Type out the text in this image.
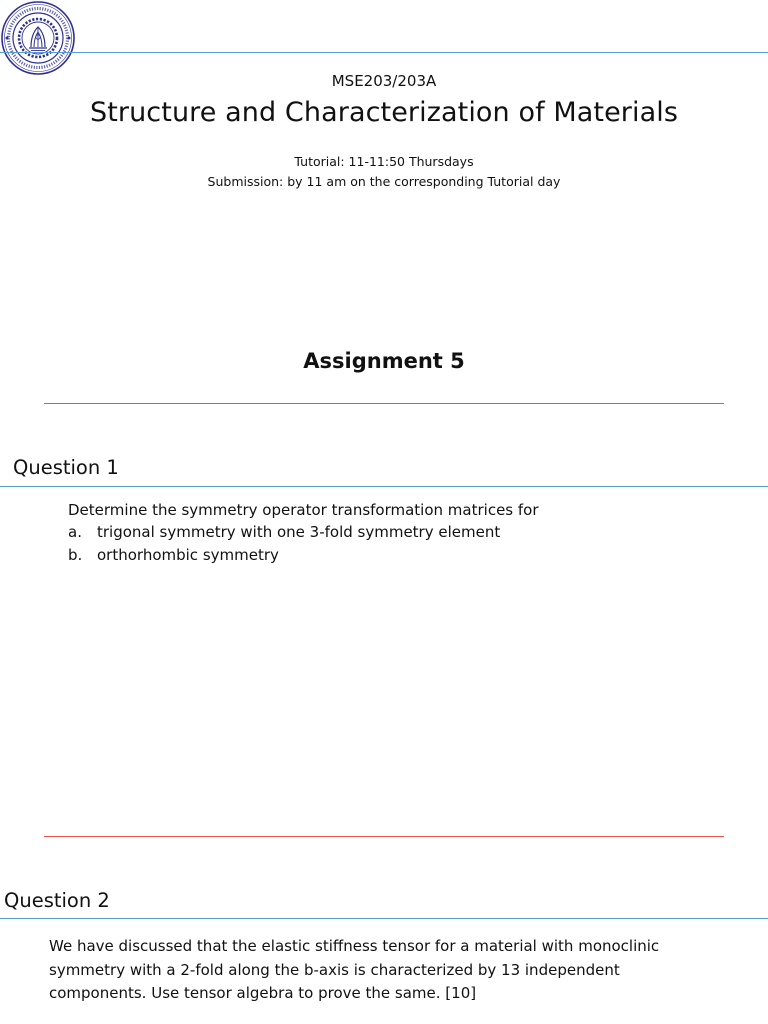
MSE203/203A
Structure and Characterization of Materials
Tutorial: 11-11:50 Thursdays
Submission: by 11 am on the corresponding Tutorial day
Assignment 5
Question 1
Determine the symmetry operator transformation matrices for
a. trigonal symmetry with one 3-fold symmetry element
b. orthorhombic symmetry
Question 2
We have discussed that the elastic stiffness tensor for a material with monoclinic
symmetry with a 2-fold along the b-axis is characterized by 13 independent
components. Use tensor algebra to prove the same. [10]
